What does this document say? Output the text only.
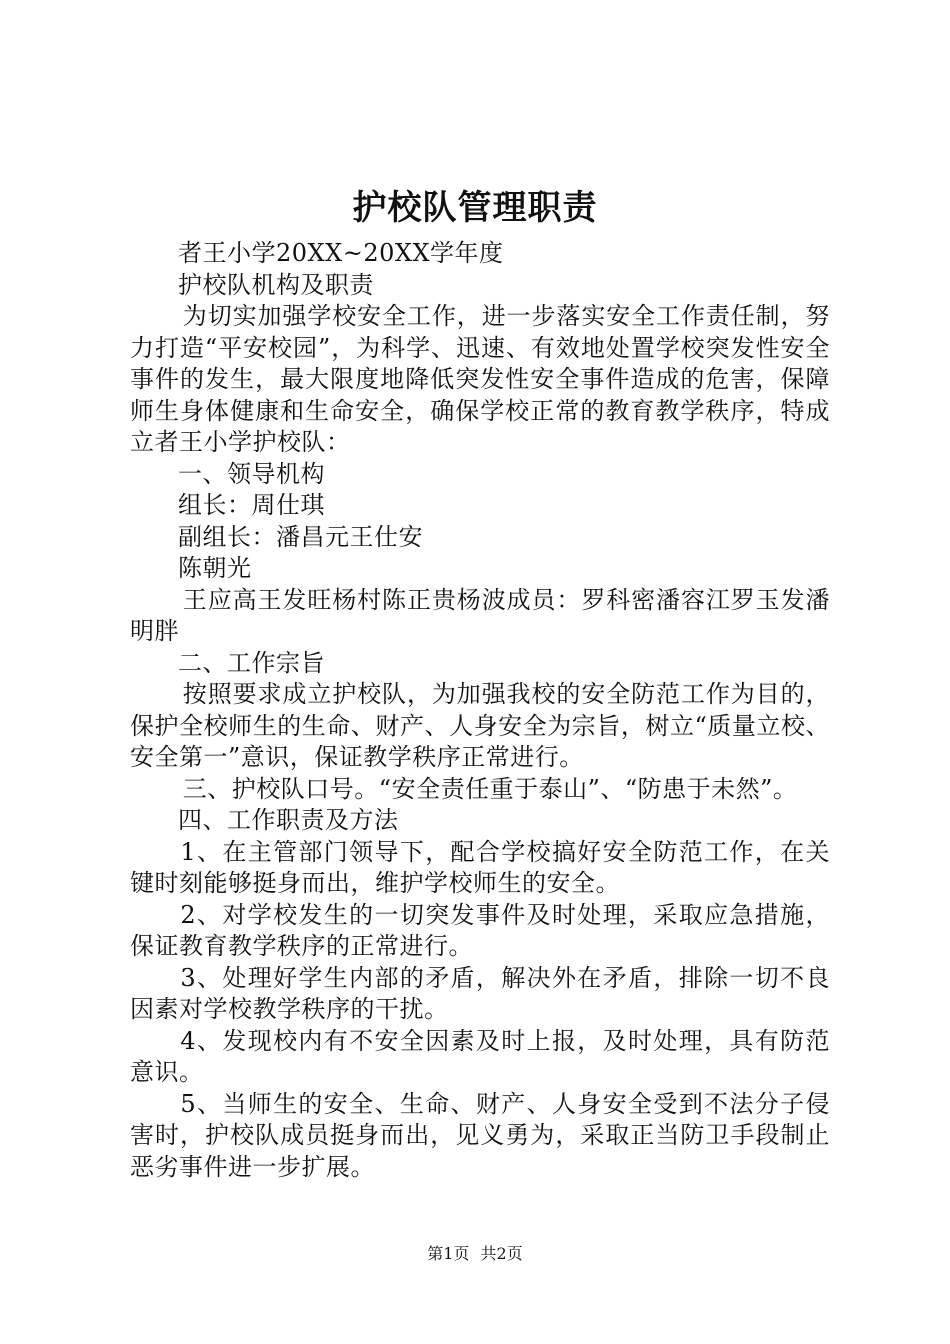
护校队管理职责

者王小学20XX~20XX学年度

护校队机构及职责

为切实加强学校安全工作，进一步落实安全工作责任制，努力打造“平安校园”，为科学、迅速、有效地处置学校突发性安全事件的发生，最大限度地降低突发性安全事件造成的危害，保障师生身体健康和生命安全，确保学校正常的教育教学秩序，特成立者王小学护校队：

一、领导机构

组长：周仕琪

副组长：潘昌元王仕安

陈朝光

王应高王发旺杨村陈正贵杨波成员：罗科密潘容江罗玉发潘明胖

二、工作宗旨

按照要求成立护校队，为加强我校的安全防范工作为目的，保护全校师生的生命、财产、人身安全为宗旨，树立“质量立校、安全第一”意识，保证教学秩序正常进行。

三、护校队口号。“安全责任重于泰山”、“防患于未然”。

四、工作职责及方法

1、在主管部门领导下，配合学校搞好安全防范工作，在关键时刻能够挺身而出，维护学校师生的安全。

2、对学校发生的一切突发事件及时处理，采取应急措施，保证教育教学秩序的正常进行。

3、处理好学生内部的矛盾，解决外在矛盾，排除一切不良因素对学校教学秩序的干扰。

4、发现校内有不安全因素及时上报，及时处理，具有防范意识。

5、当师生的安全、生命、财产、人身安全受到不法分子侵害时，护校队成员挺身而出，见义勇为，采取正当防卫手段制止恶劣事件进一步扩展。

第1页 共2页
